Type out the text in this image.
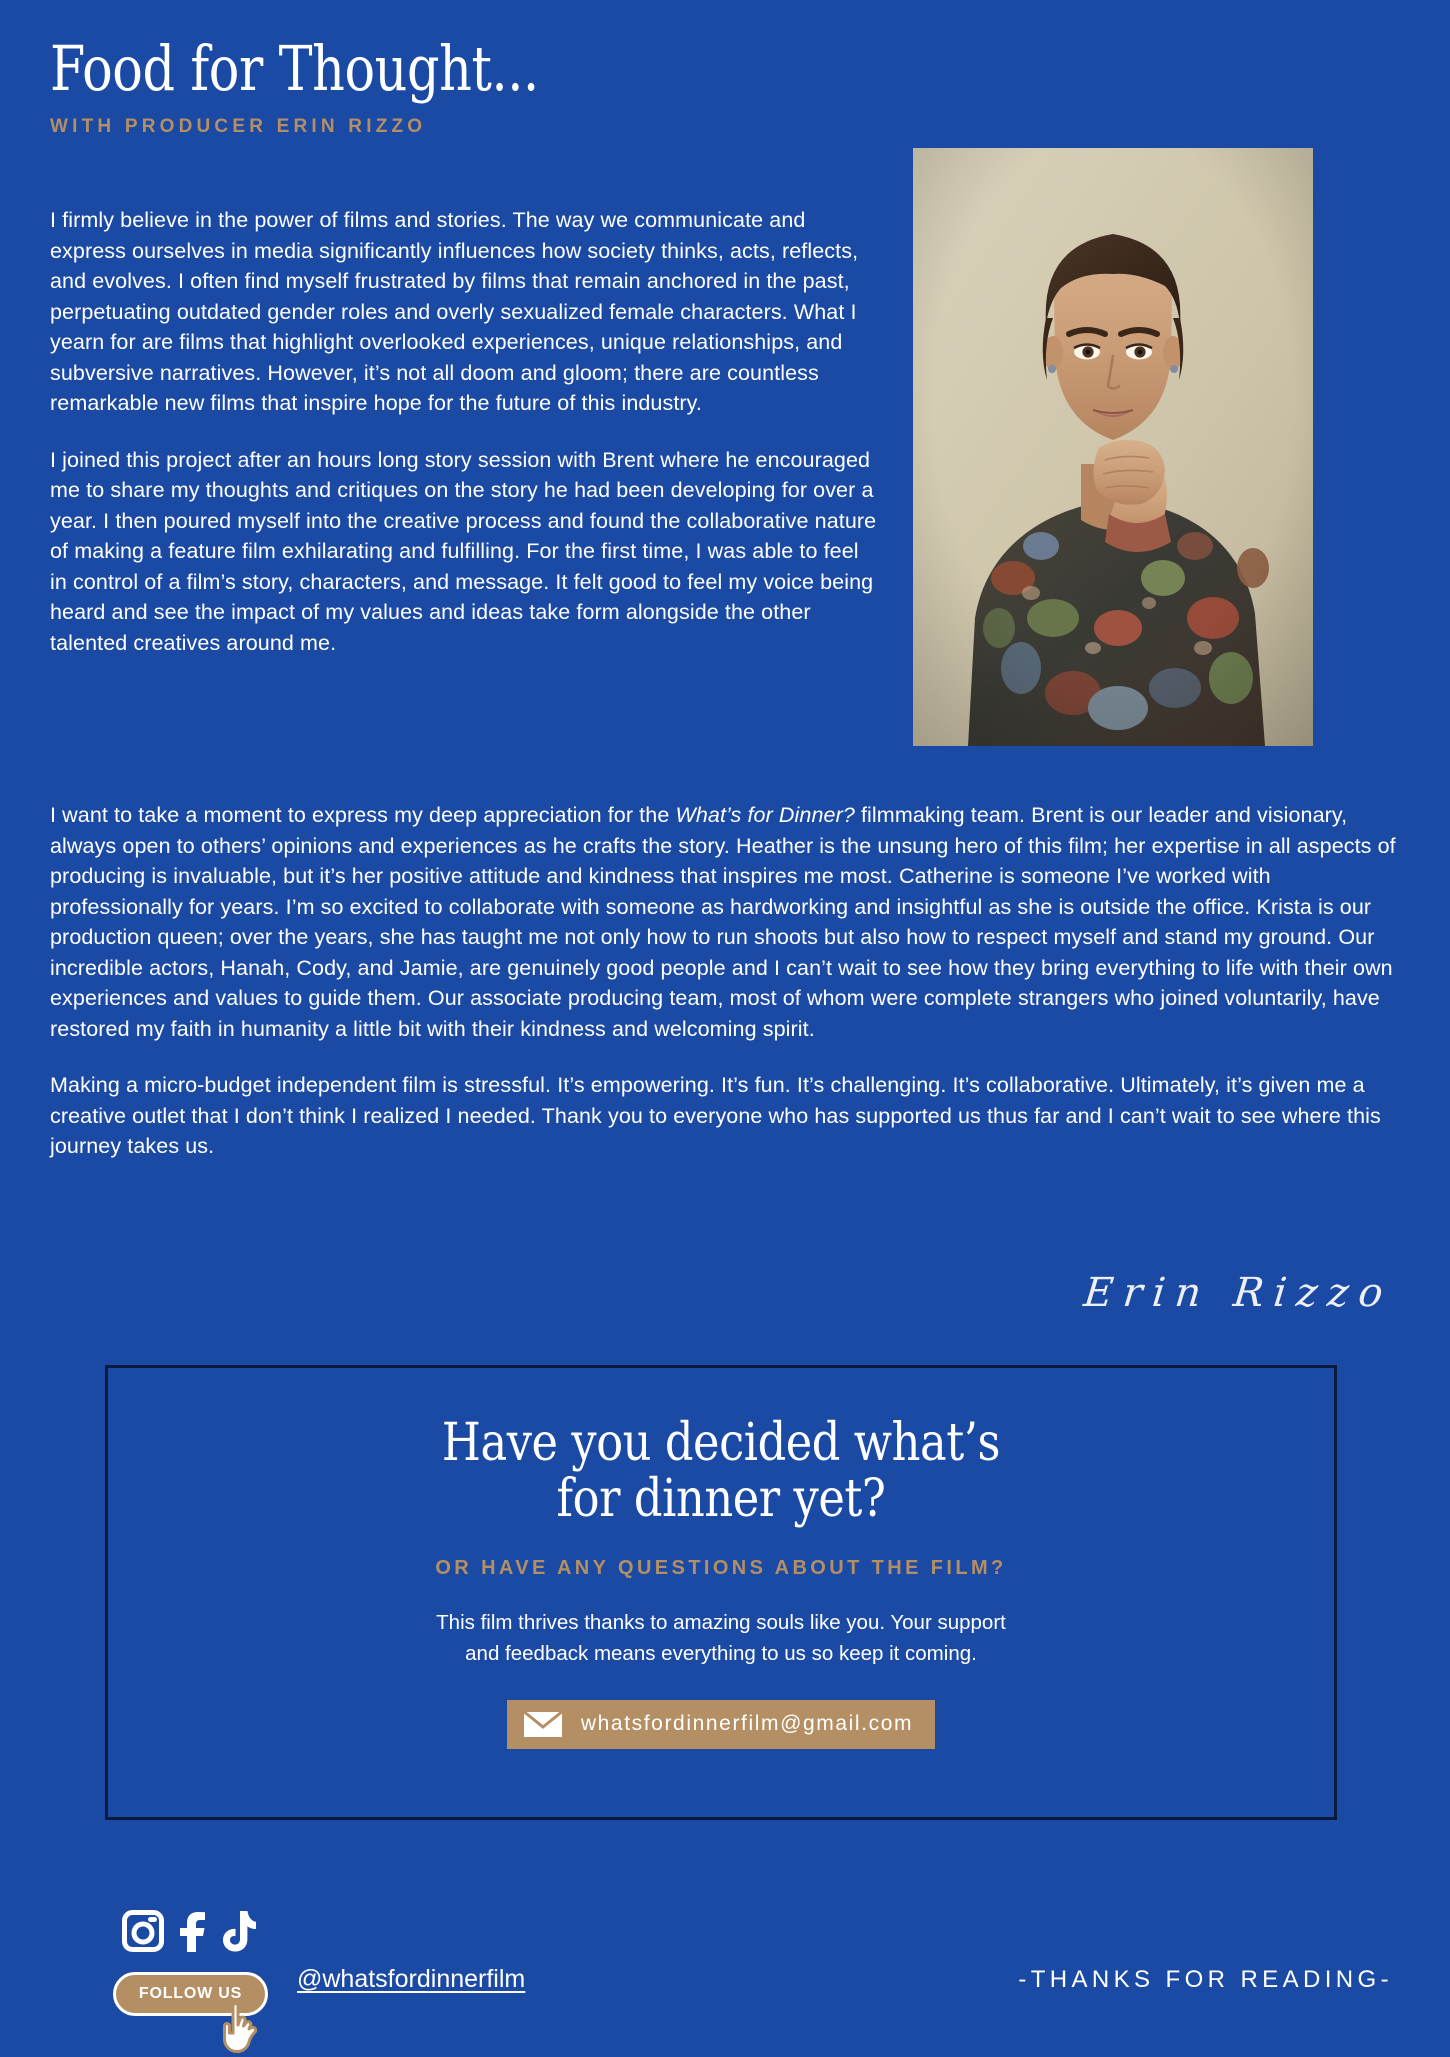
Food for Thought...
WITH PRODUCER ERIN RIZZO

I firmly believe in the power of films and stories. The way we communicate and express ourselves in media significantly influences how society thinks, acts, reflects, and evolves. I often find myself frustrated by films that remain anchored in the past, perpetuating outdated gender roles and overly sexualized female characters. What I yearn for are films that highlight overlooked experiences, unique relationships, and subversive narratives. However, it’s not all doom and gloom; there are countless remarkable new films that inspire hope for the future of this industry.

I joined this project after an hours long story session with Brent where he encouraged me to share my thoughts and critiques on the story he had been developing for over a year. I then poured myself into the creative process and found the collaborative nature of making a feature film exhilarating and fulfilling. For the first time, I was able to feel in control of a film’s story, characters, and message. It felt good to feel my voice being heard and see the impact of my values and ideas take form alongside the other talented creatives around me.

I want to take a moment to express my deep appreciation for the What’s for Dinner? filmmaking team. Brent is our leader and visionary, always open to others’ opinions and experiences as he crafts the story. Heather is the unsung hero of this film; her expertise in all aspects of producing is invaluable, but it’s her positive attitude and kindness that inspires me most. Catherine is someone I’ve worked with professionally for years. I’m so excited to collaborate with someone as hardworking and insightful as she is outside the office. Krista is our production queen; over the years, she has taught me not only how to run shoots but also how to respect myself and stand my ground. Our incredible actors, Hanah, Cody, and Jamie, are genuinely good people and I can’t wait to see how they bring everything to life with their own experiences and values to guide them. Our associate producing team, most of whom were complete strangers who joined voluntarily, have restored my faith in humanity a little bit with their kindness and welcoming spirit.

Making a micro-budget independent film is stressful. It’s empowering. It’s fun. It’s challenging. It’s collaborative. Ultimately, it’s given me a creative outlet that I don’t think I realized I needed. Thank you to everyone who has supported us thus far and I can’t wait to see where this journey takes us.

Erin Rizzo
Have you decided what’s
for dinner yet?
OR HAVE ANY QUESTIONS ABOUT THE FILM?
This film thrives thanks to amazing souls like you. Your support
and feedback means everything to us so keep it coming.
whatsfordinnerfilm@gmail.com
FOLLOW US
@whatsfordinnerfilm	-THANKS FOR READING-
